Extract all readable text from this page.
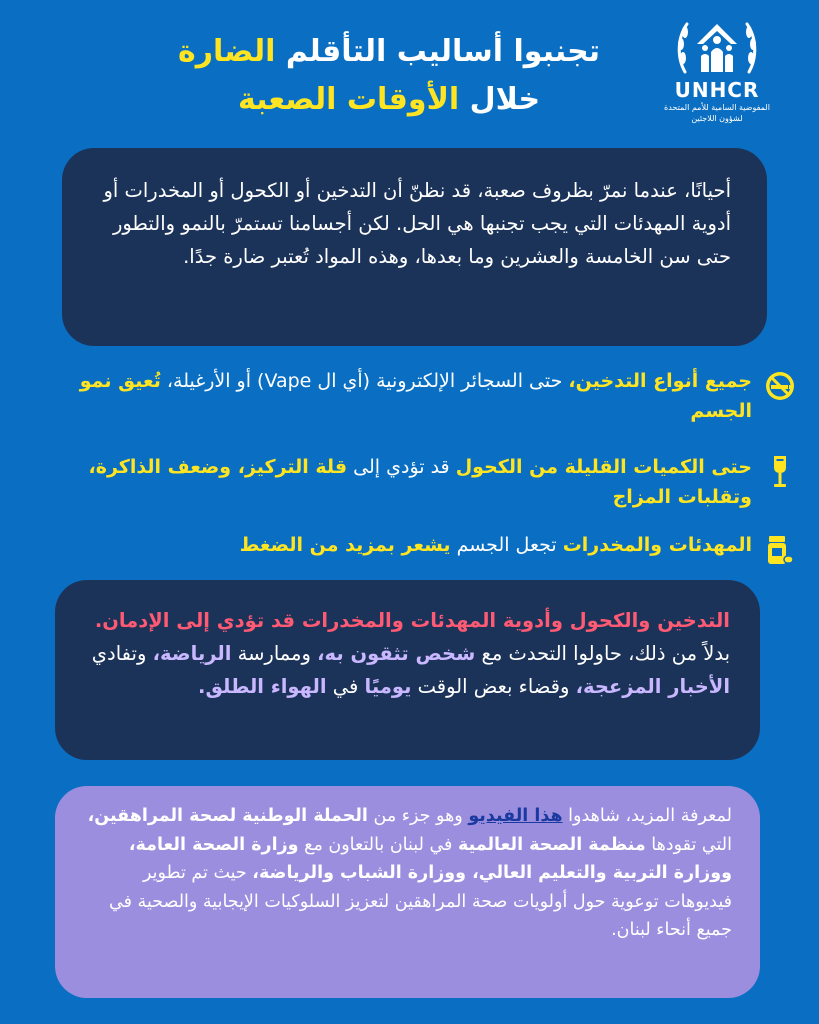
تجنبوا أساليب التأقلم الضارة
خلال الأوقات الصعبة	UNHCR
المفوضية السامية للأمم المتحدة
لشؤون اللاجئين
أحيانًا، عندما نمرّ بظروف صعبة، قد نظنّ أن التدخين أو الكحول أو المخدرات أو أدوية المهدئات التي يجب تجنبها هي الحل. لكن أجسامنا تستمرّ بالنمو والتطور حتى سن الخامسة والعشرين وما بعدها، وهذه المواد تُعتبر ضارة جدًا.
جميع أنواع التدخين، حتى السجائر الإلكترونية (أي ال Vape) أو الأرغيلة، تُعيق نمو الجسم
حتى الكميات القليلة من الكحول قد تؤدي إلى قلة التركيز، وضعف الذاكرة، وتقلبات المزاج
المهدئات والمخدرات تجعل الجسم يشعر بمزيد من الضغط
التدخين والكحول وأدوية المهدئات والمخدرات قد تؤدي إلى الإدمان. بدلاً من ذلك، حاولوا التحدث مع شخص تثقون به، وممارسة الرياضة، وتفادي الأخبار المزعجة، وقضاء بعض الوقت يوميًا في الهواء الطلق.
لمعرفة المزيد، شاهدوا هذا الفيديو وهو جزء من الحملة الوطنية لصحة المراهقين، التي تقودها منظمة الصحة العالمية في لبنان بالتعاون مع وزارة الصحة العامة، ووزارة التربية والتعليم العالي، ووزارة الشباب والرياضة، حيث تم تطوير فيديوهات توعوية حول أولويات صحة المراهقين لتعزيز السلوكيات الإيجابية والصحية في جميع أنحاء لبنان.
